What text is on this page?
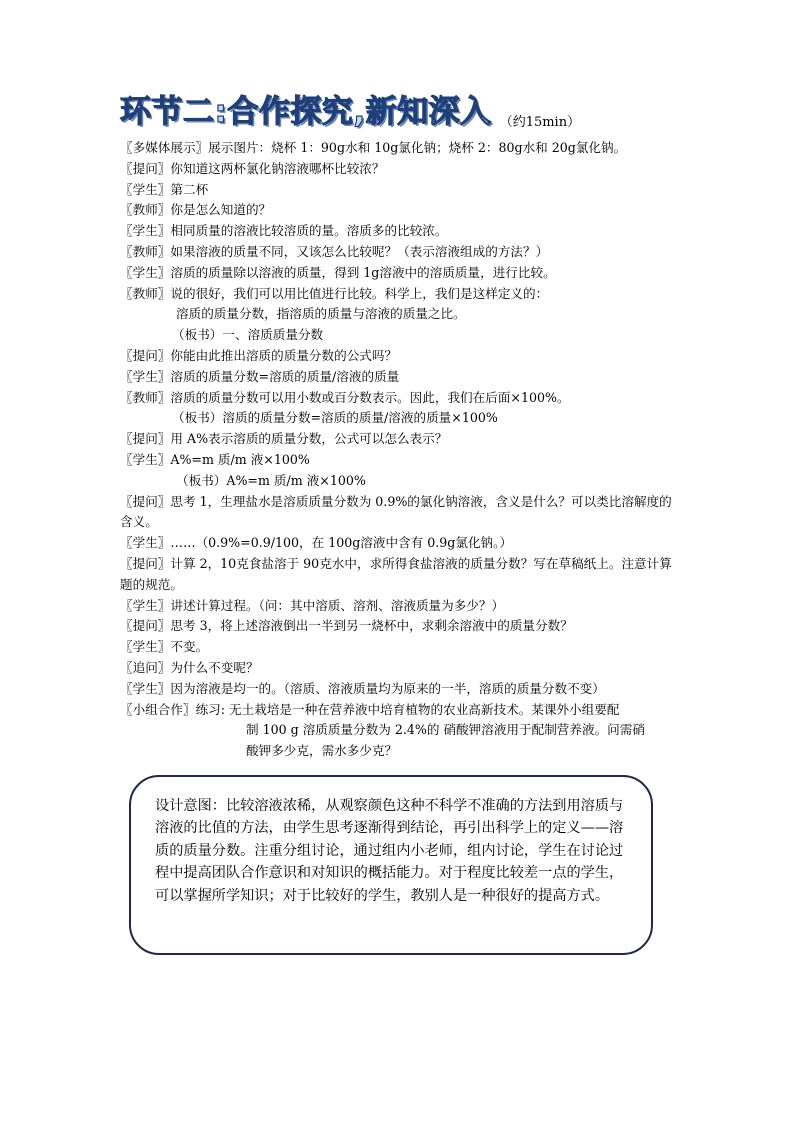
环节二:合作探究,新知深入 （约15min）
〖多媒体展示〗展示图片：烧杯 1：90g水和 10g氯化钠；烧杯 2：80g水和 20g氯化钠。
〖提问〗你知道这两杯氯化钠溶液哪杯比较浓？
〖学生〗第二杯
〖教师〗你是怎么知道的？
〖学生〗相同质量的溶液比较溶质的量。溶质多的比较浓。
〖教师〗如果溶液的质量不同，又该怎么比较呢？（表示溶液组成的方法？）
〖学生〗溶质的质量除以溶液的质量，得到 1g溶液中的溶质质量，进行比较。
〖教师〗说的很好，我们可以用比值进行比较。科学上，我们是这样定义的：
溶质的质量分数，指溶质的质量与溶液的质量之比。
（板书）一、溶质质量分数
〖提问〗你能由此推出溶质的质量分数的公式吗？
〖学生〗溶质的质量分数=溶质的质量/溶液的质量
〖教师〗溶质的质量分数可以用小数或百分数表示。因此，我们在后面×100%。
（板书）溶质的质量分数=溶质的质量/溶液的质量×100%
〖提问〗用 A%表示溶质的质量分数，公式可以怎么表示？
〖学生〗A%=m 质/m 液×100%
（板书）A%=m 质/m 液×100%
〖提问〗思考 1，生理盐水是溶质质量分数为 0.9%的氯化钠溶液，含义是什么？可以类比溶解度的含义。
〖学生〗……（0.9%=0.9/100，在 100g溶液中含有 0.9g氯化钠。）
〖提问〗计算 2，10克食盐溶于 90克水中，求所得食盐溶液的质量分数？写在草稿纸上。注意计算题的规范。
〖学生〗讲述计算过程。（问：其中溶质、溶剂、溶液质量为多少？）
〖提问〗思考 3，将上述溶液倒出一半到另一烧杯中，求剩余溶液中的质量分数？
〖学生〗不变。
〖追问〗为什么不变呢？
〖学生〗因为溶液是均一的。（溶质、溶液质量均为原来的一半，溶质的质量分数不变）
〖小组合作〗练习: 无土栽培是一种在营养液中培育植物的农业高新技术。某课外小组要配
制 100 g 溶质质量分数为 2.4%的 硝酸钾溶液用于配制营养液。问需硝
酸钾多少克，需水多少克？
设计意图：比较溶液浓稀，从观察颜色这种不科学不准确的方法到用溶质与溶液的比值的方法，由学生思考逐渐得到结论，再引出科学上的定义——溶质的质量分数。注重分组讨论，通过组内小老师，组内讨论，学生在讨论过程中提高团队合作意识和对知识的概括能力。对于程度比较差一点的学生，可以掌握所学知识；对于比较好的学生，教别人是一种很好的提高方式。
